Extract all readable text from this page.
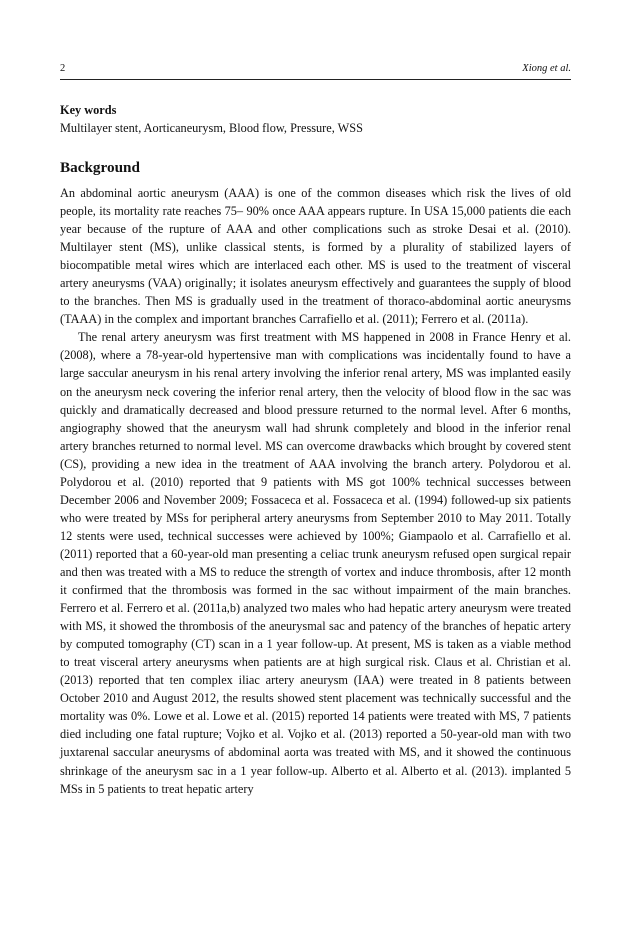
2	Xiong et al.
Key words
Multilayer stent, Aorticaneurysm, Blood flow, Pressure, WSS
Background

An abdominal aortic aneurysm (AAA) is one of the common diseases which risk the lives of old people, its mortality rate reaches 75– 90% once AAA appears rupture. In USA 15,000 patients die each year because of the rupture of AAA and other complications such as stroke Desai et al. (2010). Multilayer stent (MS), unlike classical stents, is formed by a plurality of stabilized layers of biocompatible metal wires which are interlaced each other. MS is used to the treatment of visceral artery aneurysms (VAA) originally; it isolates aneurysm effectively and guarantees the supply of blood to the branches. Then MS is gradually used in the treatment of thoraco-abdominal aortic aneurysms (TAAA) in the complex and important branches Carrafiello et al. (2011); Ferrero et al. (2011a).

The renal artery aneurysm was first treatment with MS happened in 2008 in France Henry et al. (2008), where a 78-year-old hypertensive man with complications was incidentally found to have a large saccular aneurysm in his renal artery involving the inferior renal artery, MS was implanted easily on the aneurysm neck covering the inferior renal artery, then the velocity of blood flow in the sac was quickly and dramatically decreased and blood pressure returned to the normal level. After 6 months, angiography showed that the aneurysm wall had shrunk completely and blood in the inferior renal artery branches returned to normal level. MS can overcome drawbacks which brought by covered stent (CS), providing a new idea in the treatment of AAA involving the branch artery. Polydorou et al. Polydorou et al. (2010) reported that 9 patients with MS got 100% technical successes between December 2006 and November 2009; Fossaceca et al. Fossaceca et al. (1994) followed-up six patients who were treated by MSs for peripheral artery aneurysms from September 2010 to May 2011. Totally 12 stents were used, technical successes were achieved by 100%; Giampaolo et al. Carrafiello et al. (2011) reported that a 60-year-old man presenting a celiac trunk aneurysm refused open surgical repair and then was treated with a MS to reduce the strength of vortex and induce thrombosis, after 12 month it confirmed that the thrombosis was formed in the sac without impairment of the main branches. Ferrero et al. Ferrero et al. (2011a,b) analyzed two males who had hepatic artery aneurysm were treated with MS, it showed the thrombosis of the aneurysmal sac and patency of the branches of hepatic artery by computed tomography (CT) scan in a 1 year follow-up. At present, MS is taken as a viable method to treat visceral artery aneurysms when patients are at high surgical risk. Claus et al. Christian et al. (2013) reported that ten complex iliac artery aneurysm (IAA) were treated in 8 patients between October 2010 and August 2012, the results showed stent placement was technically successful and the mortality was 0%. Lowe et al. Lowe et al. (2015) reported 14 patients were treated with MS, 7 patients died including one fatal rupture; Vojko et al. Vojko et al. (2013) reported a 50-year-old man with two juxtarenal saccular aneurysms of abdominal aorta was treated with MS, and it showed the continuous shrinkage of the aneurysm sac in a 1 year follow-up. Alberto et al. Alberto et al. (2013). implanted 5 MSs in 5 patients to treat hepatic artery
